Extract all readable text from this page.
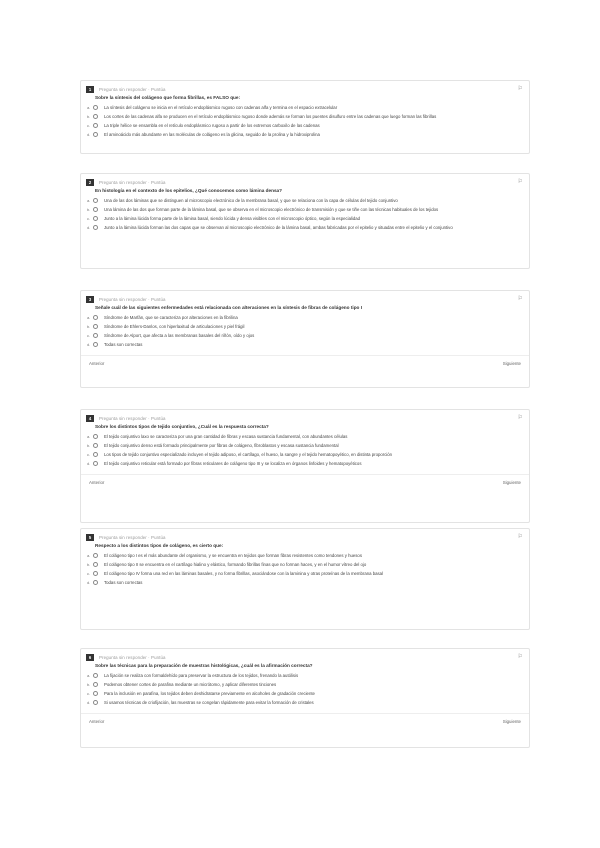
1	Pregunta sin responder · Puntúa	⚐
Sobre la síntesis del colágeno que forma fibrillas, es FALSO que:
a.	La síntesis del colágeno se inicia en el retículo endoplásmico rugoso con cadenas alfa y termina en el espacio extracelular
b.	Los cortes de las cadenas alfa se producen en el retículo endoplásmico rugoso donde además se forman los puentes disulfuro entre las cadenas que luego forman las fibrillas
c.	La triple hélice se ensambla en el retículo endoplásmico rugoso a partir de los extremos carboxilo de las cadenas
d.	El aminoácido más abundante en las moléculas de colágeno es la glicina, seguido de la prolina y la hidroxiprolina
2	Pregunta sin responder · Puntúa	⚐
En histología en el contexto de los epitelios, ¿Qué conocemos como lámina densa?
a.	Una de las dos láminas que se distinguen al microscopio electrónico de la membrana basal, y que se relaciona con la capa de células del tejido conjuntivo
b.	Una lámina de las dos que forman parte de la lámina basal, que se observa en el microscopio electrónico de transmisión y que se tiñe con las técnicas habituales de los tejidos
c.	Junto a la lámina lúcida forma parte de la lámina basal, siendo lúcida y densa visibles con el microscopio óptico, según la especialidad
d.	Junto a la lámina lúcida forman las dos capas que se observan al microscopio electrónico de la lámina basal, ambas fabricadas por el epitelio y situadas entre el epitelio y el conjuntivo
3	Pregunta sin responder · Puntúa	⚐
Señale cuál de las siguientes enfermedades está relacionada con alteraciones en la síntesis de fibras de colágeno tipo I
a.	Síndrome de Marfán, que se caracteriza por alteraciones en la fibrilina
b.	Síndrome de Ehlers-Danlos, con hiperlaxitud de articulaciones y piel frágil
c.	Síndrome de Alport, que afecta a las membranas basales del riñón, oído y ojos
d.	Todas son correctas
Anterior	Siguiente
4	Pregunta sin responder · Puntúa	⚐
Sobre los distintos tipos de tejido conjuntivo, ¿Cuál es la respuesta correcta?
a.	El tejido conjuntivo laxo se caracteriza por una gran cantidad de fibras y escasa sustancia fundamental, con abundantes células
b.	El tejido conjuntivo denso está formado principalmente por fibras de colágeno, fibroblastos y escasa sustancia fundamental
c.	Los tipos de tejido conjuntivo especializado incluyen el tejido adiposo, el cartílago, el hueso, la sangre y el tejido hematopoyético, en distinta proporción
d.	El tejido conjuntivo reticular está formado por fibras reticulares de colágeno tipo III y se localiza en órganos linfoides y hematopoyéticos
Anterior	Siguiente
5	Pregunta sin responder · Puntúa	⚐
Respecto a los distintos tipos de colágeno, es cierto que:
a.	El colágeno tipo I es el más abundante del organismo, y se encuentra en tejidos que forman fibras resistentes como tendones y huesos
b.	El colágeno tipo II se encuentra en el cartílago hialino y elástico, formando fibrillas finas que no forman haces, y en el humor vítreo del ojo
c.	El colágeno tipo IV forma una red en las láminas basales, y no forma fibrillas, asociándose con la laminina y otras proteínas de la membrana basal
d.	Todas son correctas
6	Pregunta sin responder · Puntúa	⚐
Sobre las técnicas para la preparación de muestras histológicas, ¿cuál es la afirmación correcta?
a.	La fijación se realiza con formaldehído para preservar la estructura de los tejidos, frenando la autólisis
b.	Podemos obtener cortes de parafina mediante un micrótomo, y aplicar diferentes tinciones
c.	Para la inclusión en parafina, los tejidos deben deshidratarse previamente en alcoholes de gradación creciente
d.	Si usamos técnicas de criofijación, las muestras se congelan rápidamente para evitar la formación de cristales
Anterior	Siguiente
